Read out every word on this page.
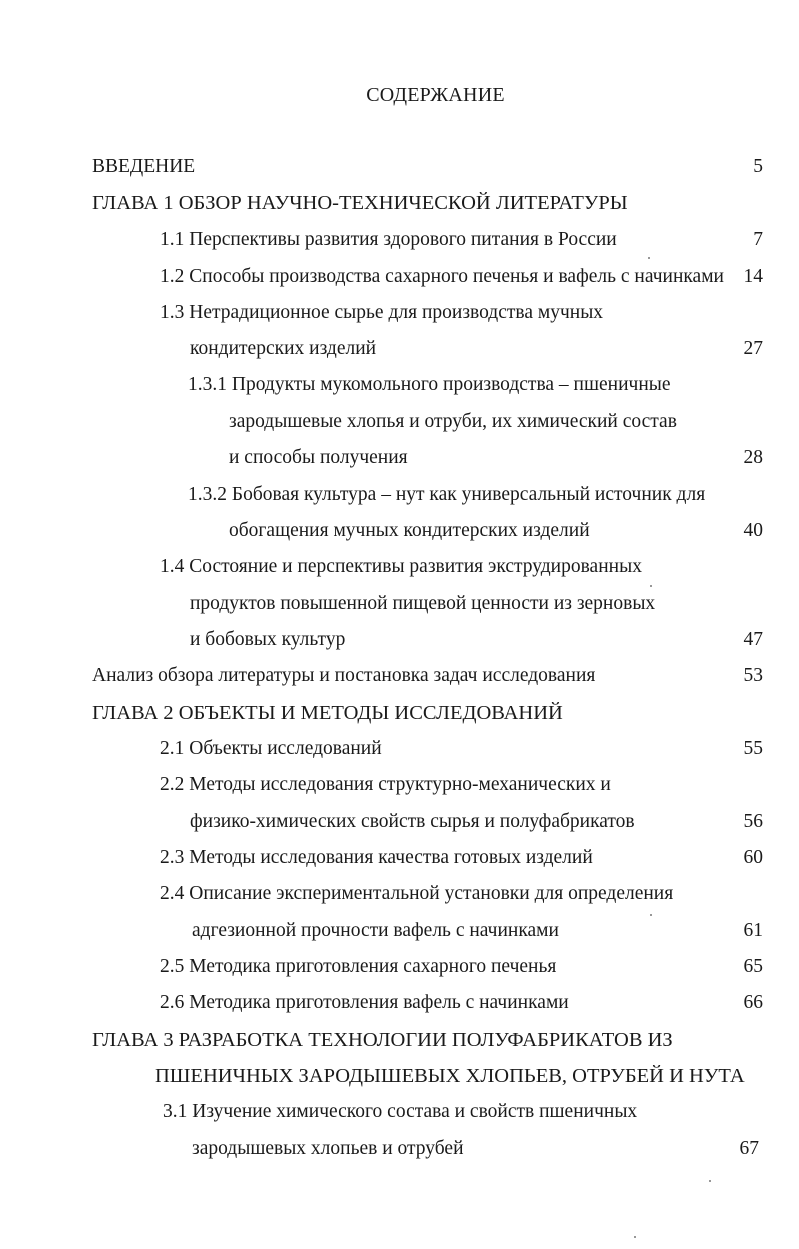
СОДЕРЖАНИЕ
ВВЕДЕНИЕ	5
ГЛАВА 1 ОБЗОР НАУЧНО-ТЕХНИЧЕСКОЙ ЛИТЕРАТУРЫ
1.1 Перспективы развития здорового питания в России	7
1.2 Способы производства сахарного печенья и вафель с начинками	14
1.3 Нетрадиционное сырье для производства мучных
кондитерских изделий	27
1.3.1 Продукты мукомольного производства – пшеничные
зародышевые хлопья и отруби, их химический состав
и способы получения	28
1.3.2 Бобовая культура – нут как универсальный источник для
обогащения мучных кондитерских изделий	40
1.4 Состояние и перспективы развития экструдированных
продуктов повышенной пищевой ценности из зерновых
и бобовых культур	47
Анализ обзора литературы и постановка задач исследования	53
ГЛАВА 2 ОБЪЕКТЫ И МЕТОДЫ ИССЛЕДОВАНИЙ
2.1 Объекты исследований	55
2.2 Методы исследования структурно-механических и
физико-химических свойств сырья и полуфабрикатов	56
2.3 Методы исследования качества готовых изделий	60
2.4 Описание экспериментальной установки для определения
адгезионной прочности вафель с начинками	61
2.5 Методика приготовления сахарного печенья	65
2.6 Методика приготовления вафель с начинками	66
ГЛАВА 3 РАЗРАБОТКА ТЕХНОЛОГИИ ПОЛУФАБРИКАТОВ ИЗ
ПШЕНИЧНЫХ ЗАРОДЫШЕВЫХ ХЛОПЬЕВ, ОТРУБЕЙ И НУТА
3.1 Изучение химического состава и свойств пшеничных
зародышевых хлопьев и отрубей	67
